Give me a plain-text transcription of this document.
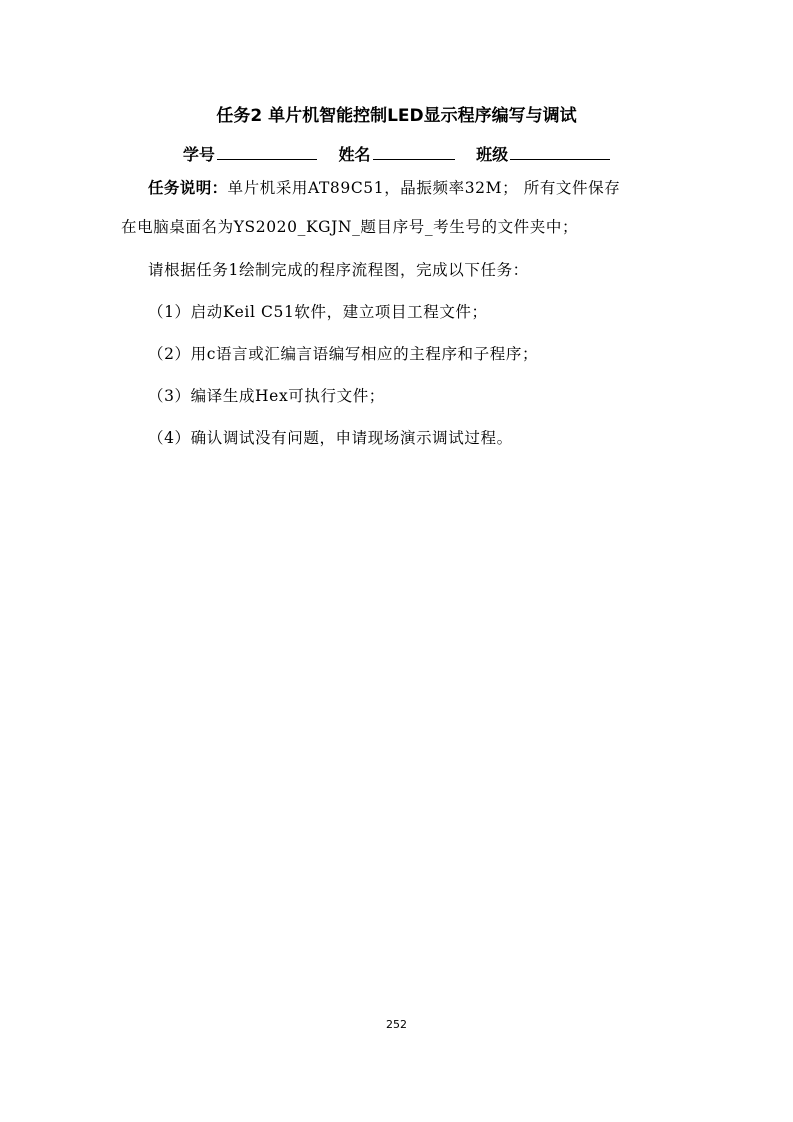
任务2 单片机智能控制LED显示程序编写与调试
学号	姓名	班级
任务说明：单片机采用AT89C51，晶振频率32M； 所有文件保存
在电脑桌面名为YS2020_KGJN_题目序号_考生号的文件夹中；
请根据任务1绘制完成的程序流程图，完成以下任务：
（1）启动Keil C51软件，建立项目工程文件；
（2）用c语言或汇编言语编写相应的主程序和子程序；
（3）编译生成Hex可执行文件；
（4）确认调试没有问题，申请现场演示调试过程。
252
